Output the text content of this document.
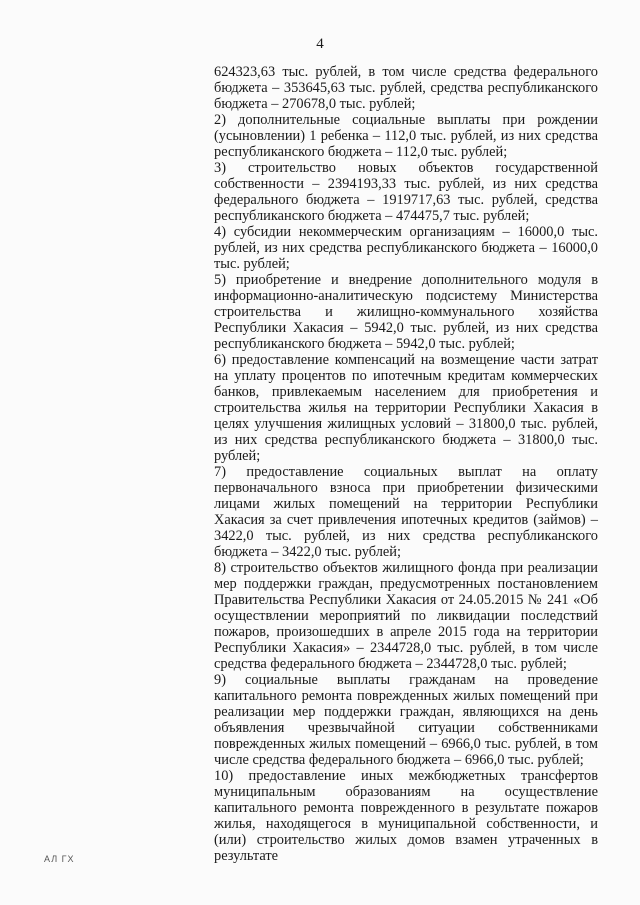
4

624323,63 тыс. рублей, в том числе средства федерального бюджета – 353645,63 тыс. рублей, средства республиканского бюджета – 270678,0 тыс. рублей;

2) дополнительные социальные выплаты при рождении (усыновлении) 1 ребенка – 112,0 тыс. рублей, из них средства республиканского бюджета – 112,0 тыс. рублей;

3) строительство новых объектов государственной собственности – 2394193,33 тыс. рублей, из них средства федерального бюджета – 1919717,63 тыс. рублей, средства республиканского бюджета – 474475,7 тыс. рублей;

4) субсидии некоммерческим организациям – 16000,0 тыс. рублей, из них средства республиканского бюджета – 16000,0 тыс. рублей;

5) приобретение и внедрение дополнительного модуля в информационно-аналитическую подсистему Министерства строительства и жилищно-коммунального хозяйства Республики Хакасия – 5942,0 тыс. рублей, из них средства республиканского бюджета – 5942,0 тыс. рублей;

6) предоставление компенсаций на возмещение части затрат на уплату процентов по ипотечным кредитам коммерческих банков, привлекаемым населением для приобретения и строительства жилья на территории Республики Хакасия в целях улучшения жилищных условий – 31800,0 тыс. рублей, из них средства республиканского бюджета – 31800,0 тыс. рублей;

7) предоставление социальных выплат на оплату первоначального взноса при приобретении физическими лицами жилых помещений на территории Республики Хакасия за счет привлечения ипотечных кредитов (займов) – 3422,0 тыс. рублей, из них средства республиканского бюджета – 3422,0 тыс. рублей;

8) строительство объектов жилищного фонда при реализации мер поддержки граждан, предусмотренных постановлением Правительства Республики Хакасия от 24.05.2015 № 241 «Об осуществлении мероприятий по ликвидации последствий пожаров, произошедших в апреле 2015 года на территории Республики Хакасия» – 2344728,0 тыс. рублей, в том числе средства федерального бюджета – 2344728,0 тыс. рублей;

9) социальные выплаты гражданам на проведение капитального ремонта поврежденных жилых помещений при реализации мер поддержки граждан, являющихся на день объявления чрезвычайной ситуации собственниками поврежденных жилых помещений – 6966,0 тыс. рублей, в том числе средства федерального бюджета – 6966,0 тыс. рублей;

10) предоставление иных межбюджетных трансфертов муниципальным образованиям на осуществление капитального ремонта поврежденного в результате пожаров жилья, находящегося в муниципальной собственности, и (или) строительство жилых домов взамен утраченных в результате

АЛ ГХ
